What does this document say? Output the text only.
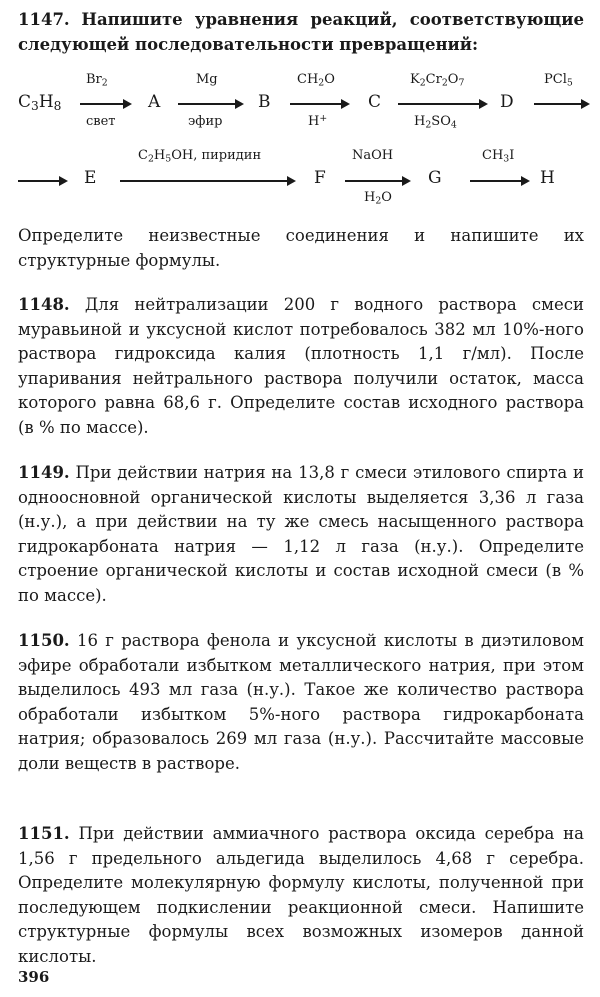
1147. Напишите уравнения реакций, соответствующие следующей последовательности превращений:

$C_3H_8$
$Br_2$
свет
A
Mg
эфир
B
$CH_2O$
H+
C
$K_2Cr_2O_7$
$H_2SO_4$
D
PCl$_5$
→ E
$C_2H_5OH$, пиридин
F
NaOH
$H_2O$
G
$CH_3I$
→ H

Определите неизвестные соединения и напишите их структурные формулы.

1148. Для нейтрализации 200 г водного раствора смеси муравьиной и уксусной кислот потребовалось 382 мл 10%-ного раствора гидроксида калия (плотность 1,1 г/мл). После упаривания нейтрального раствора получили остаток, масса которого равна 68,6 г. Определите состав исходного раствора (в % по массе).

1149. При действии натрия на 13,8 г смеси этилового спирта и одноосновной органической кислоты выделяется 3,36 л газа (н.у.), а при действии на ту же смесь насыщенного раствора гидрокарбоната натрия — 1,12 л газа (н.у.). Определите строение органической кислоты и состав исходной смеси (в % по массе).

1150. 16 г раствора фенола и уксусной кислоты в диэтиловом эфире обработали избытком металлического натрия, при этом выделилось 493 мл газа (н.у.). Такое же количество раствора обработали избытком 5%-ного раствора гидрокарбоната натрия; образовалось 269 мл газа (н.у.). Рассчитайте массовые доли веществ в растворе.

1151. При действии аммиачного раствора оксида серебра на 1,56 г предельного альдегида выделилось 4,68 г серебра. Определите молекулярную формулу кислоты, полученной при последующем подкислении реакционной смеси. Напишите структурные формулы всех возможных изомеров данной кислоты.

396
